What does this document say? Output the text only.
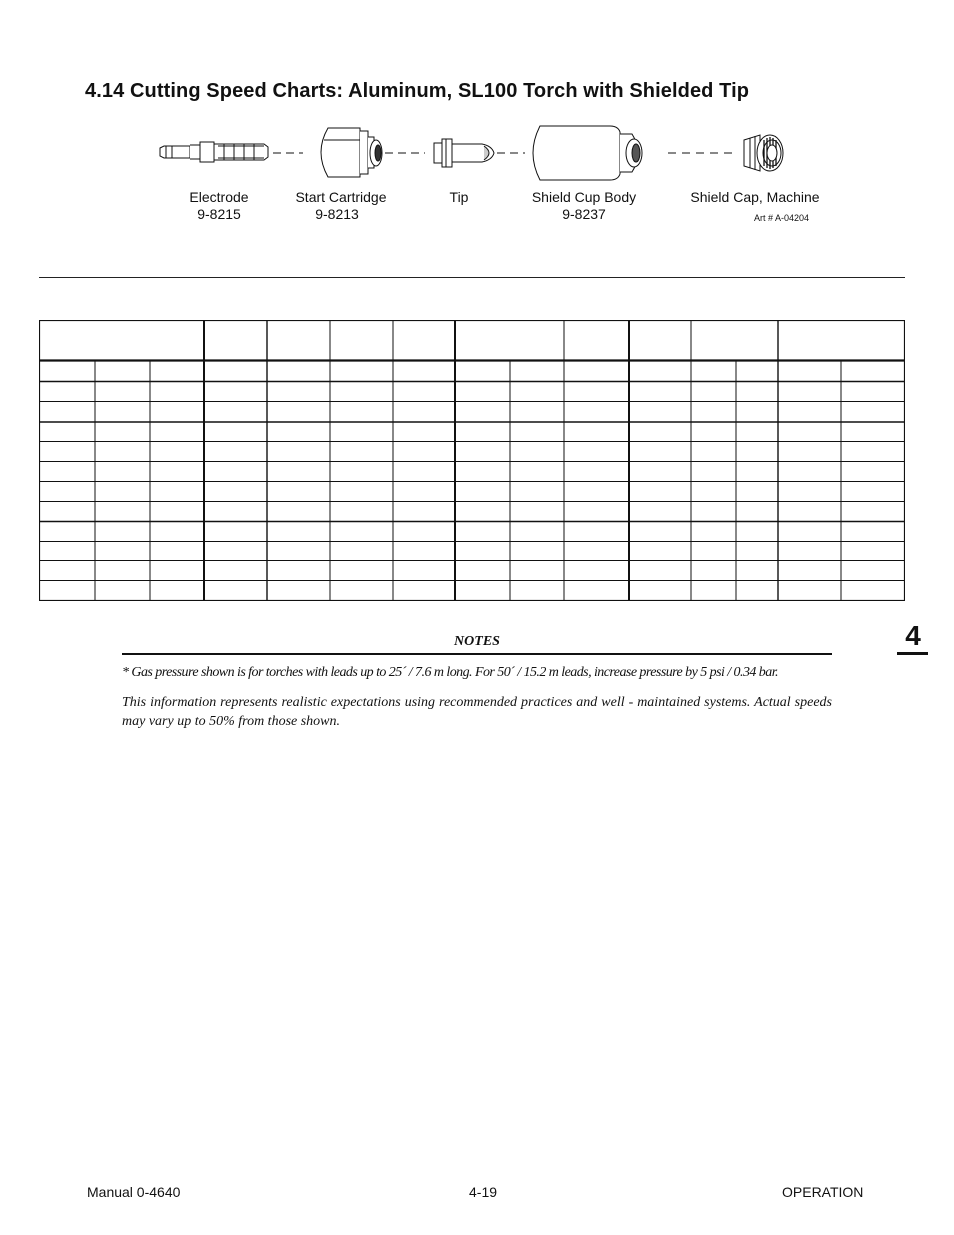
4.14 Cutting Speed Charts: Aluminum, SL100 Torch with Shielded Tip
Electrode
9-8215
Start Cartridge
9-8213
Tip	Shield Cup Body
9-8237
Shield Cap, Machine
Art # A-04204
4
NOTES

* Gas pressure shown is for torches with leads up to 25´ / 7.6 m long. For 50´ / 15.2 m leads, increase pressure by 5 psi / 0.34 bar.

This information represents realistic expectations using recommended practices and well - maintained systems. Actual speeds may vary up to 50% from those shown.

Manual 0-4640	4-19	OPERATION
